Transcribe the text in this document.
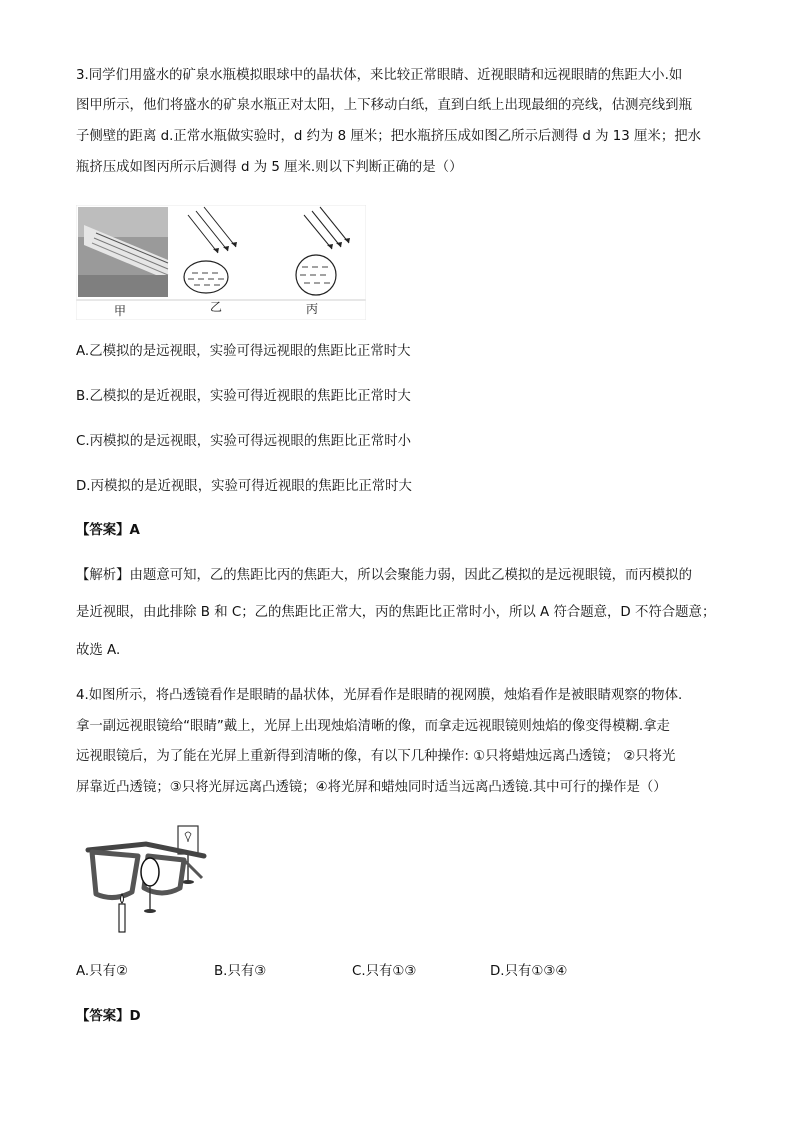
3.同学们用盛水的矿泉水瓶模拟眼球中的晶状体，来比较正常眼睛、近视眼睛和远视眼睛的焦距大小.如
图甲所示，他们将盛水的矿泉水瓶正对太阳，上下移动白纸，直到白纸上出现最细的亮线，估测亮线到瓶
子侧壁的距离 d.正常水瓶做实验时，d 约为 8 厘米；把水瓶挤压成如图乙所示后测得 d 为 13 厘米；把水
瓶挤压成如图丙所示后测得 d 为 5 厘米.则以下判断正确的是（）
甲	乙	丙
A.乙模拟的是远视眼，实验可得远视眼的焦距比正常时大
B.乙模拟的是近视眼，实验可得近视眼的焦距比正常时大
C.丙模拟的是远视眼，实验可得远视眼的焦距比正常时小
D.丙模拟的是近视眼，实验可得近视眼的焦距比正常时大
【答案】A
【解析】由题意可知，乙的焦距比丙的焦距大，所以会聚能力弱，因此乙模拟的是远视眼镜，而丙模拟的
是近视眼，由此排除 B 和 C；乙的焦距比正常大，丙的焦距比正常时小，所以 A 符合题意，D 不符合题意；
故选 A.
4.如图所示，将凸透镜看作是眼睛的晶状体，光屏看作是眼睛的视网膜，烛焰看作是被眼睛观察的物体.
拿一副远视眼镜给“眼睛”戴上，光屏上出现烛焰清晰的像，而拿走远视眼镜则烛焰的像变得模糊.拿走
远视眼镜后，为了能在光屏上重新得到清晰的像，有以下几种操作: ①只将蜡烛远离凸透镜； ②只将光
屏靠近凸透镜；③只将光屏远离凸透镜；④将光屏和蜡烛同时适当远离凸透镜.其中可行的操作是（）
A.只有②	B.只有③	C.只有①③	D.只有①③④
【答案】D
